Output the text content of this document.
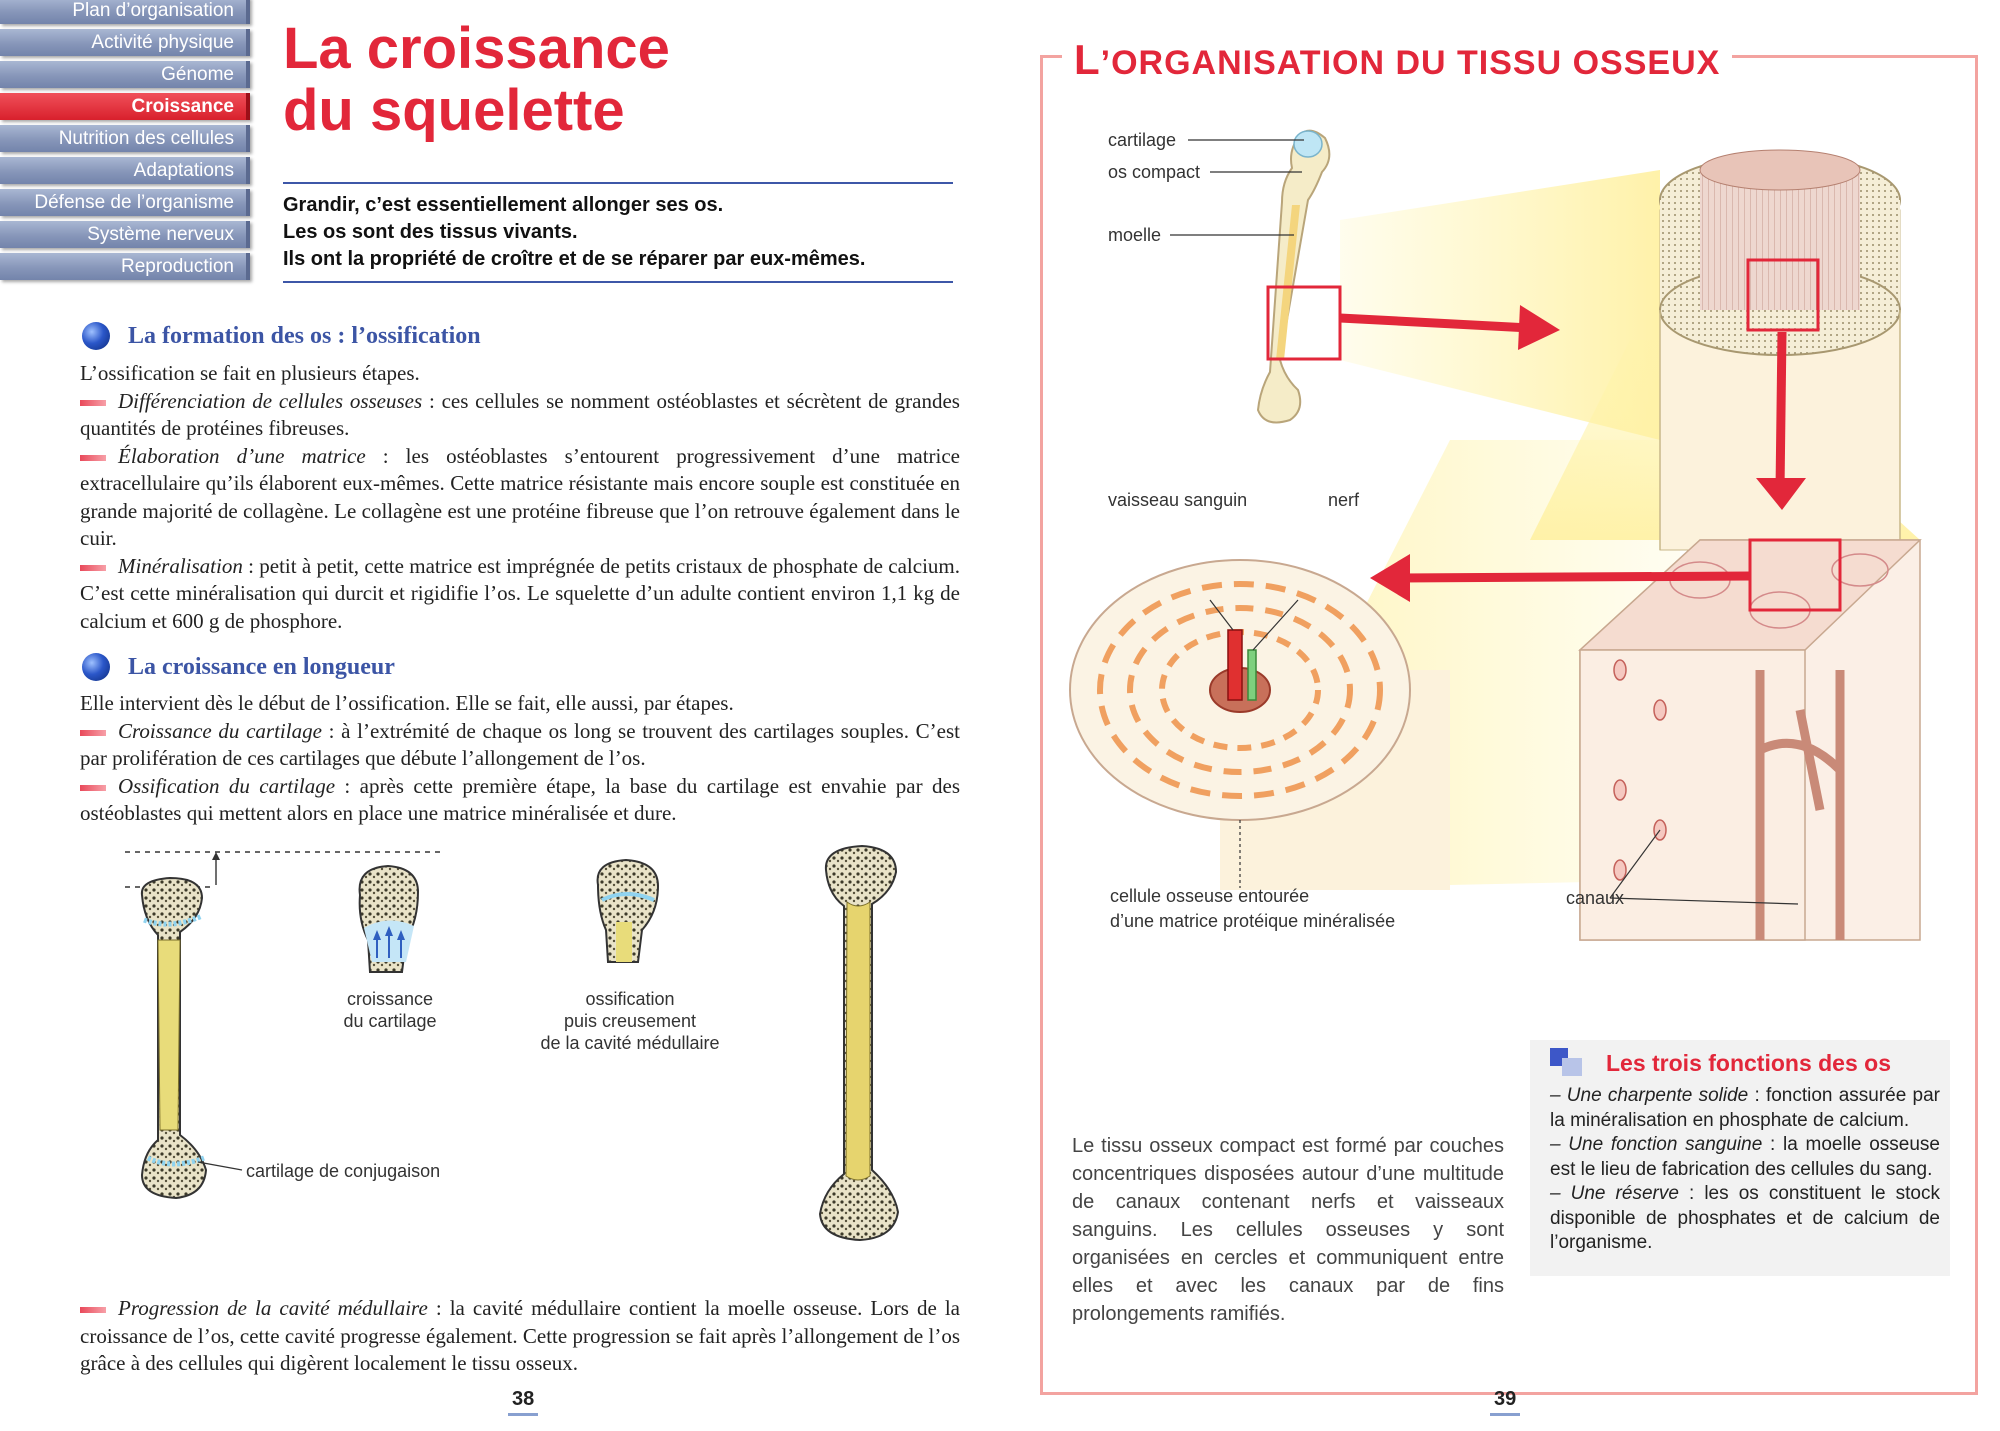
Plan d’organisation
Activité physique
Génome
Croissance
Nutrition des cellules
Adaptations
Défense de l’organisme
Système nerveux
Reproduction
La croissance
du squelette

Grandir, c’est essentiellement allonger ses os.

Les os sont des tissus vivants.

Ils ont la propriété de croître et de se réparer par eux-mêmes.

La formation des os : l’ossification

L’ossification se fait en plusieurs étapes.

Différenciation de cellules osseuses : ces cellules se nomment ostéoblastes et sécrètent de grandes quantités de protéines fibreuses.

Élaboration d’une matrice : les ostéoblastes s’entourent progressivement d’une matrice extracellulaire qu’ils élaborent eux-mêmes. Cette matrice résistante mais encore souple est constituée en grande majorité de collagène. Le collagène est une protéine fibreuse que l’on retrouve également dans le cuir.

Minéralisation : petit à petit, cette matrice est imprégnée de petits cristaux de phosphate de calcium. C’est cette minéralisation qui durcit et rigidifie l’os. Le squelette d’un adulte contient environ 1,1 kg de calcium et 600 g de phosphore.

La croissance en longueur

Elle intervient dès le début de l’ossification. Elle se fait, elle aussi, par étapes.

Croissance du cartilage : à l’extrémité de chaque os long se trouvent des cartilages souples. C’est par prolifération de ces cartilages que débute l’allongement de l’os.

Ossification du cartilage : après cette première étape, la base du cartilage est envahie par des ostéoblastes qui mettent alors en place une matrice minéralisée et dure.

croissance
du cartilage
ossification
puis creusement
de la cavité médullaire
cartilage de conjugaison

Progression de la cavité médullaire : la cavité médullaire contient la moelle osseuse. Lors de la croissance de l’os, cette cavité progresse également. Cette progression se fait après l’allongement de l’os grâce à des cellules qui digèrent localement le tissu osseux.

38
L’ORGANISATION DU TISSU OSSEUX
cartilage
os compact
moelle
vaisseau sanguin	nerf
cellule osseuse entourée
d’une matrice protéique minéralisée
canaux
Le tissu osseux compact est formé par couches concentriques disposées autour d’une multitude de canaux contenant nerfs et vaisseaux sanguins. Les cellules osseuses y sont organisées en cercles et communiquent entre elles et avec les canaux par de fins prolongements ramifiés.
Les trois fonctions des os

– Une charpente solide : fonction assurée par la minéralisation en phosphate de calcium.

– Une fonction sanguine : la moelle osseuse est le lieu de fabrication des cellules du sang.

– Une réserve : les os constituent le stock disponible de phosphates et de calcium de l’organisme.

39
